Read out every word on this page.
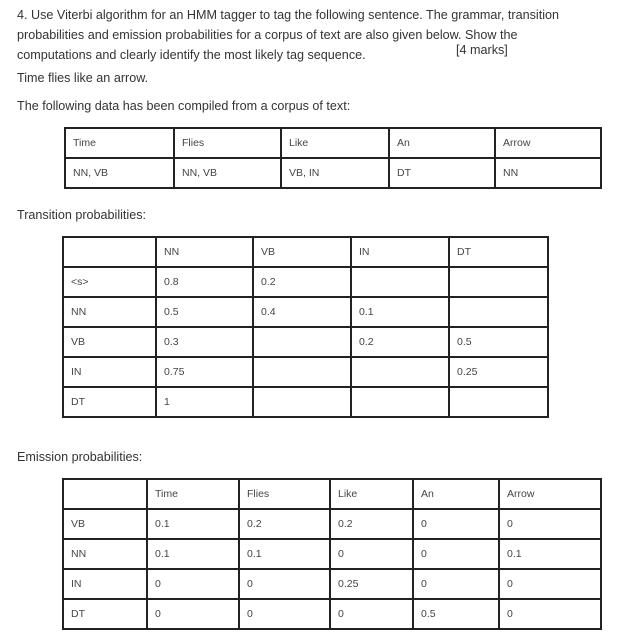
4. Use Viterbi algorithm for an HMM tagger to tag the following sentence. The grammar, transition
probabilities and emission probabilities for a corpus of text are also given below. Show the
computations and clearly identify the most likely tag sequence.	[4 marks]
Time flies like an arrow.
The following data has been compiled from a corpus of text:
Time	Flies	Like	An	Arrow
NN, VB	NN, VB	VB, IN	DT	NN
Transition probabilities:
	NN	VB	IN	DT
<s>	0.8	0.2		
NN	0.5	0.4	0.1	
VB	0.3		0.2	0.5
IN	0.75			0.25
DT	1			
Emission probabilities:
	Time	Flies	Like	An	Arrow
VB	0.1	0.2	0.2	0	0
NN	0.1	0.1	0	0	0.1
IN	0	0	0.25	0	0
DT	0	0	0	0.5	0
